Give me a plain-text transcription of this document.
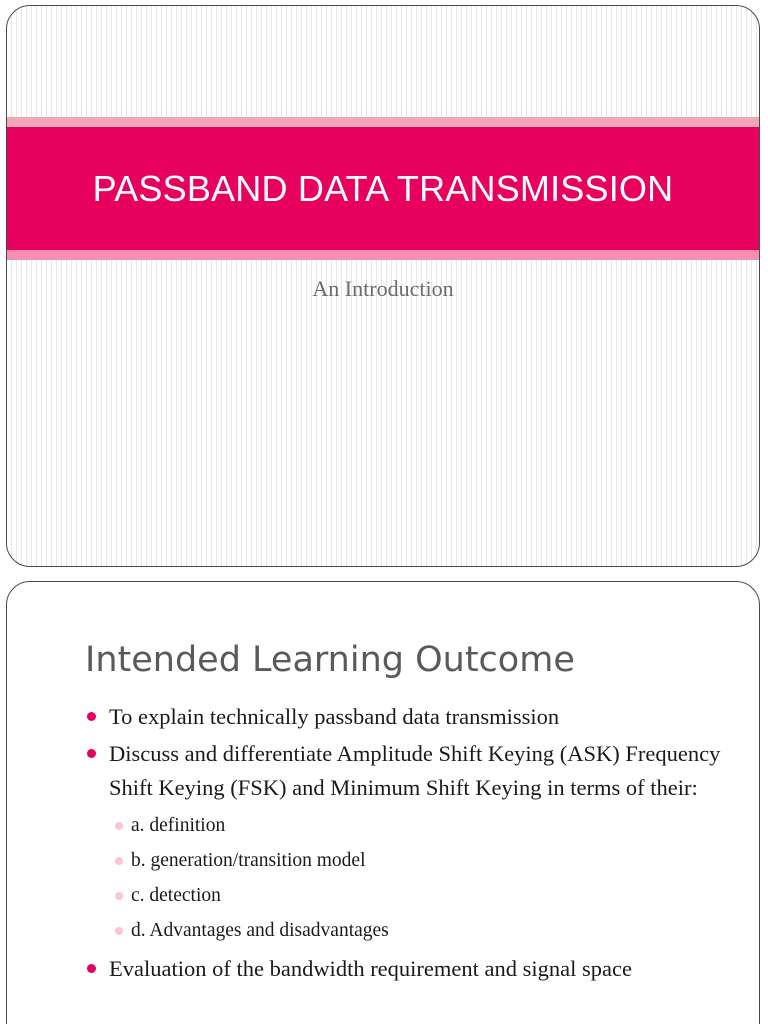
PASSBAND DATA TRANSMISSION
An Introduction
Intended Learning Outcome
To explain technically passband data transmission
Discuss and differentiate Amplitude Shift Keying (ASK) Frequency Shift Keying (FSK) and Minimum Shift Keying in terms of their:
a. definition
b. generation/transition model
c. detection
d. Advantages and disadvantages
Evaluation of the bandwidth requirement and signal space
